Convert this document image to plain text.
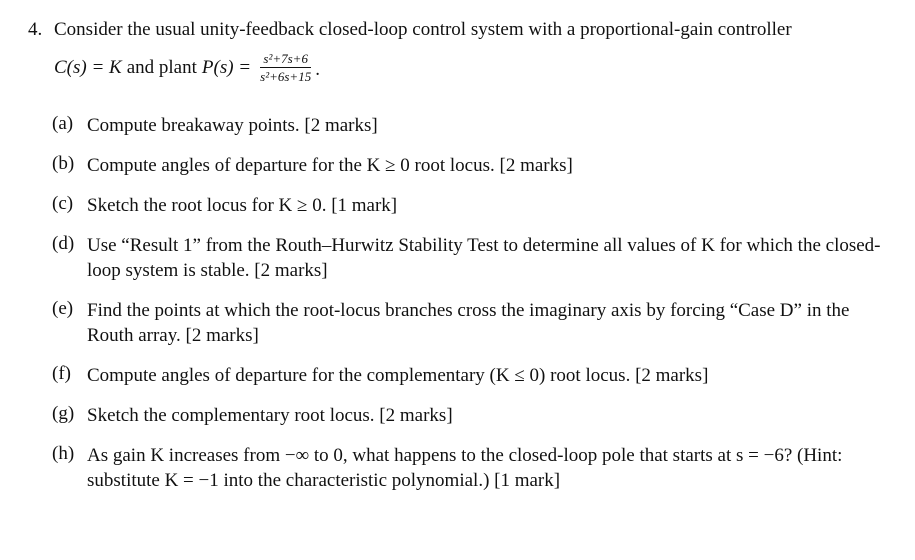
4. Consider the usual unity-feedback closed-loop control system with a proportional-gain controller
C(s) = K and plant $P(s) = \frac{\text{s²+7s+6}}{\text{s²+6s+15}}$ .
(a) Compute breakaway points. [2 marks]
(b) Compute angles of departure for the K ≥ 0 root locus. [2 marks]
(c) Sketch the root locus for K ≥ 0. [1 mark]
(d) Use “Result 1” from the Routh–Hurwitz Stability Test to determine all values of K for which the closed-loop system is stable. [2 marks]
(e) Find the points at which the root-locus branches cross the imaginary axis by forcing “Case D” in the Routh array. [2 marks]
(f) Compute angles of departure for the complementary (K ≤ 0) root locus. [2 marks]
(g) Sketch the complementary root locus. [2 marks]
(h) As gain K increases from −∞ to 0, what happens to the closed-loop pole that starts at s = −6? (Hint: substitute K = −1 into the characteristic polynomial.) [1 mark]
